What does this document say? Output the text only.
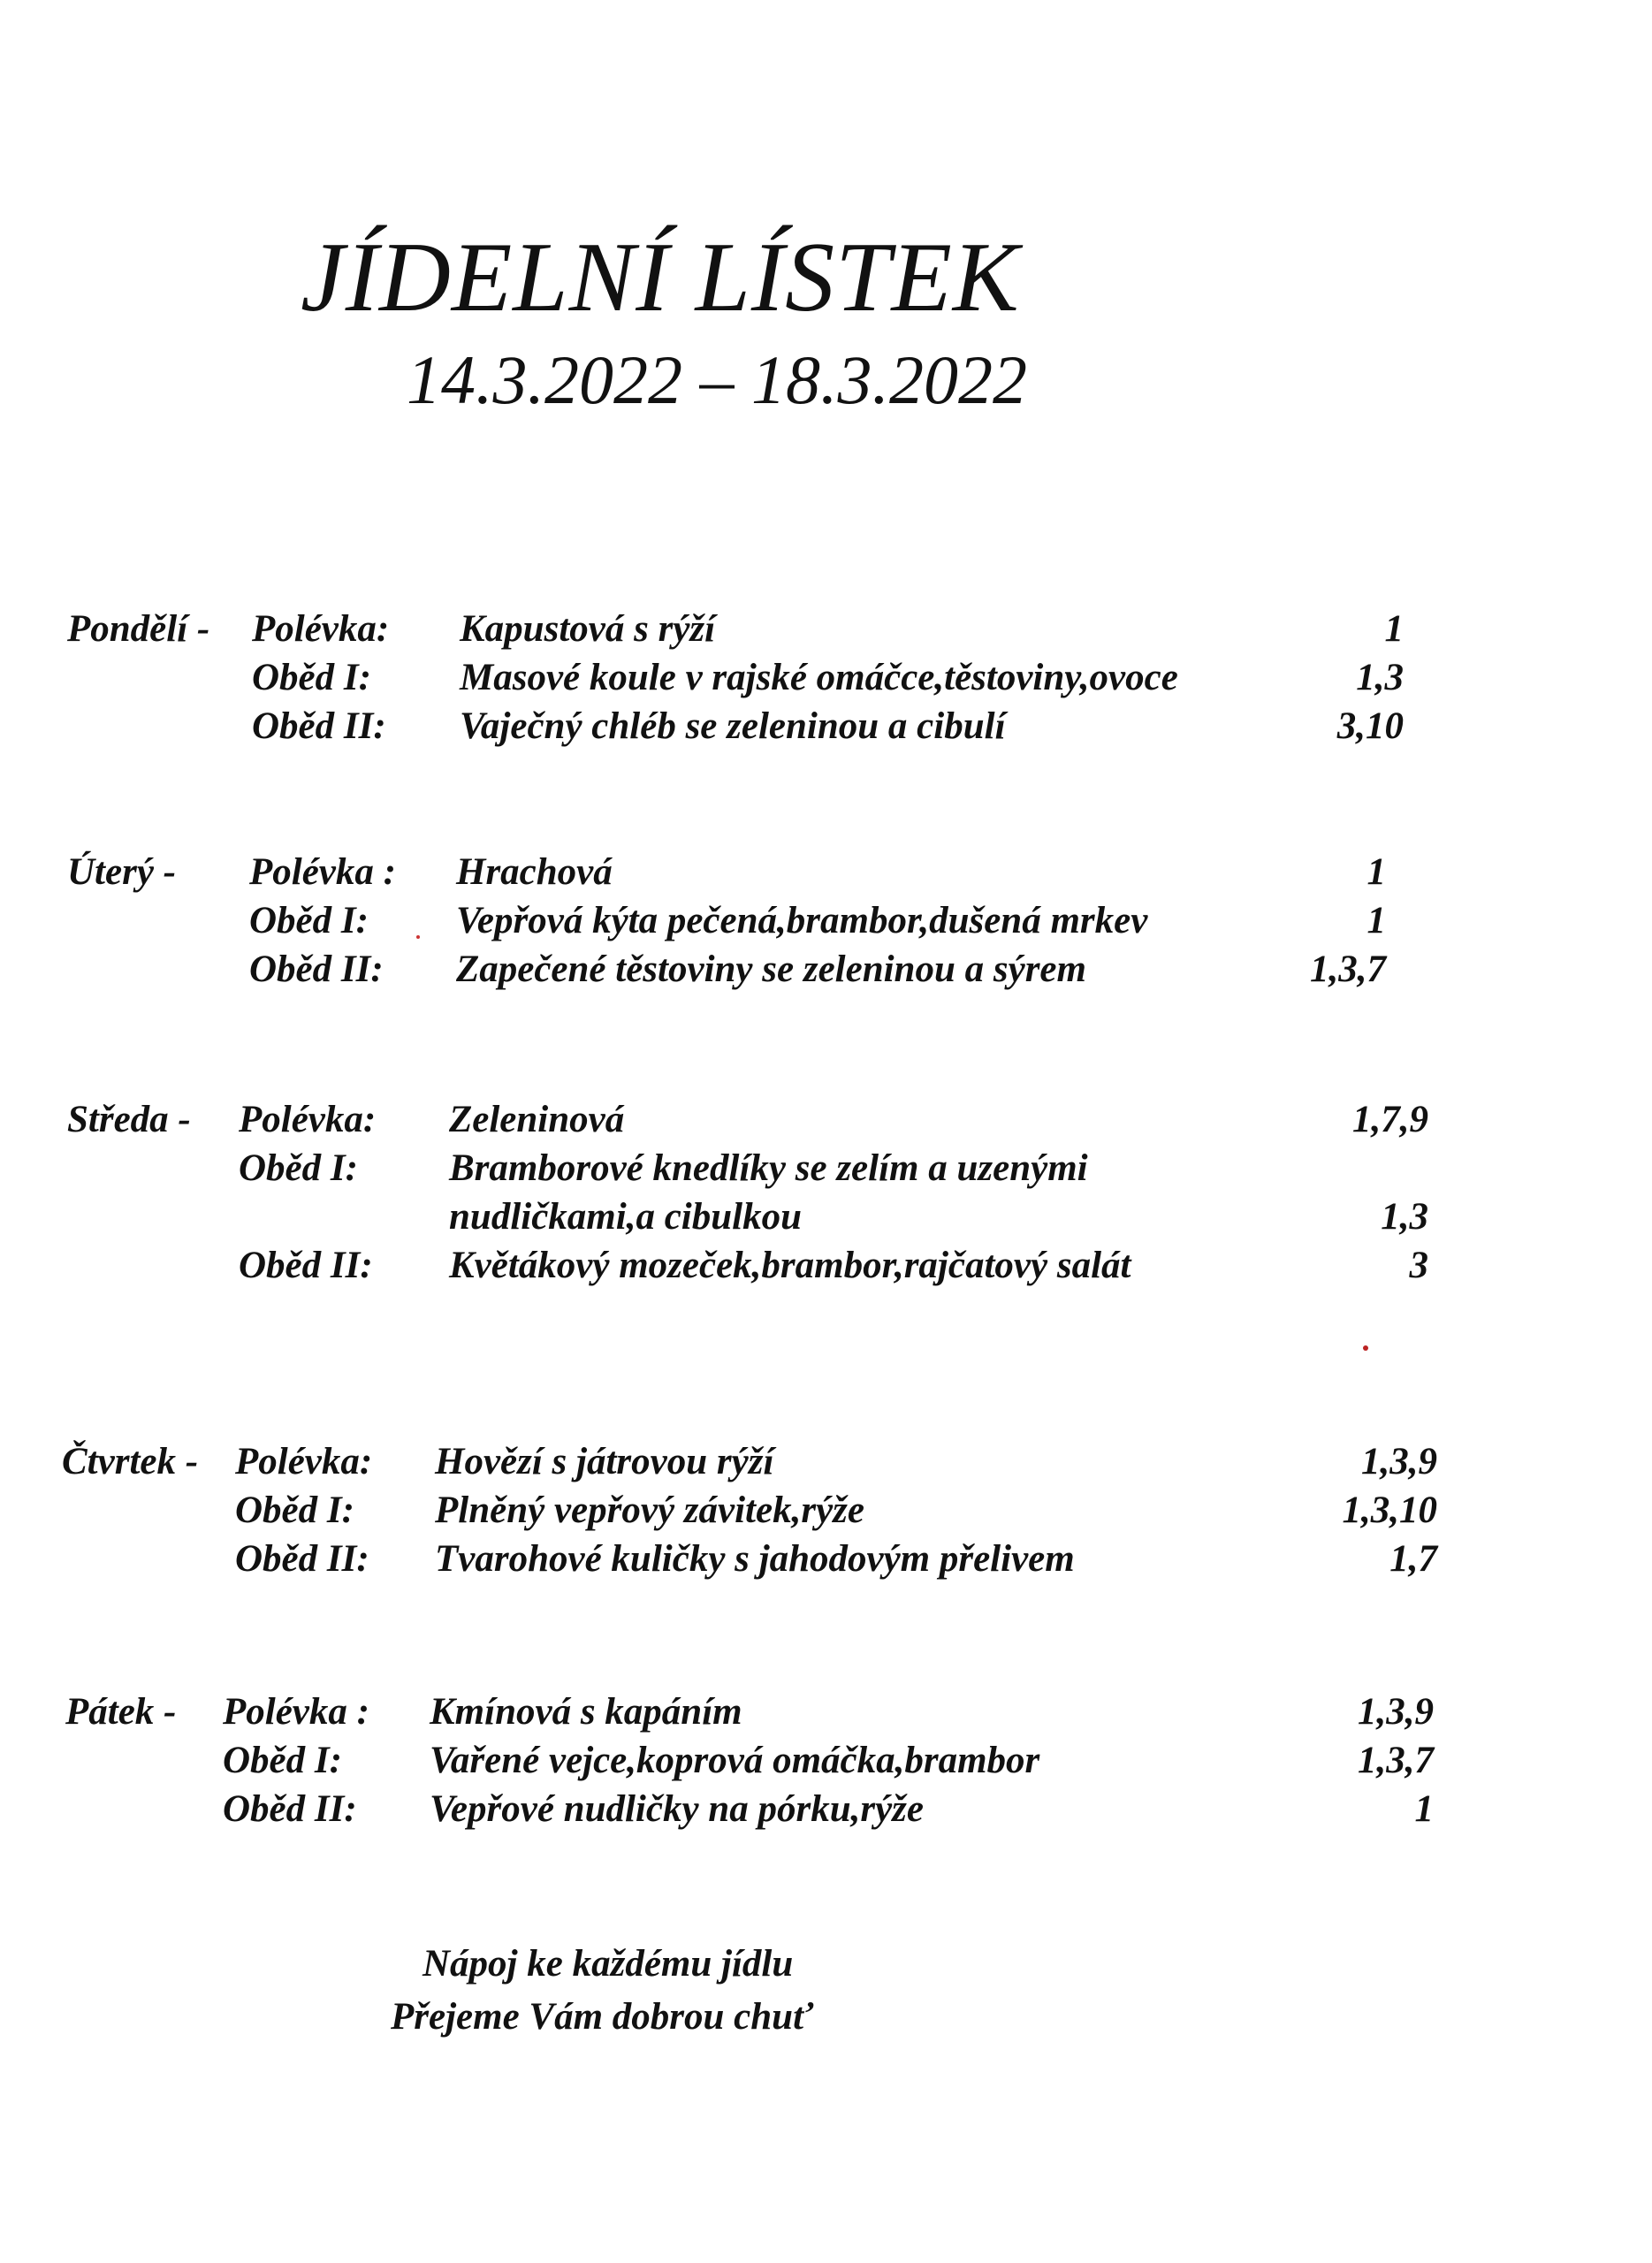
JÍDELNÍ LÍSTEK
14.3.2022 – 18.3.2022
Pondělí - Polévka: Kapustová s rýží	1
Oběd I: Masové koule v rajské omáčce,těstoviny,ovoce	1,3
Oběd II: Vaječný chléb se zeleninou a cibulí	3,10
Úterý - Polévka : Hrachová	1
Oběd I: Vepřová kýta pečená,brambor,dušená mrkev	1
Oběd II: Zapečené těstoviny se zeleninou a sýrem	1,3,7
Středa - Polévka: Zeleninová	1,7,9
Oběd I: Bramborové knedlíky se zelím a uzenými
nudličkami,a cibulkou	1,3
Oběd II: Květákový mozeček,brambor,rajčatový salát	3
Čtvrtek - Polévka: Hovězí s játrovou rýží	1,3,9
Oběd I: Plněný vepřový závitek,rýže	1,3,10
Oběd II: Tvarohové kuličky s jahodovým přelivem	1,7
Pátek - Polévka : Kmínová s kapáním	1,3,9
Oběd I: Vařené vejce,koprová omáčka,brambor	1,3,7
Oběd II: Vepřové nudličky na pórku,rýže	1
Nápoj ke každému jídlu
Přejeme Vám dobrou chuť
